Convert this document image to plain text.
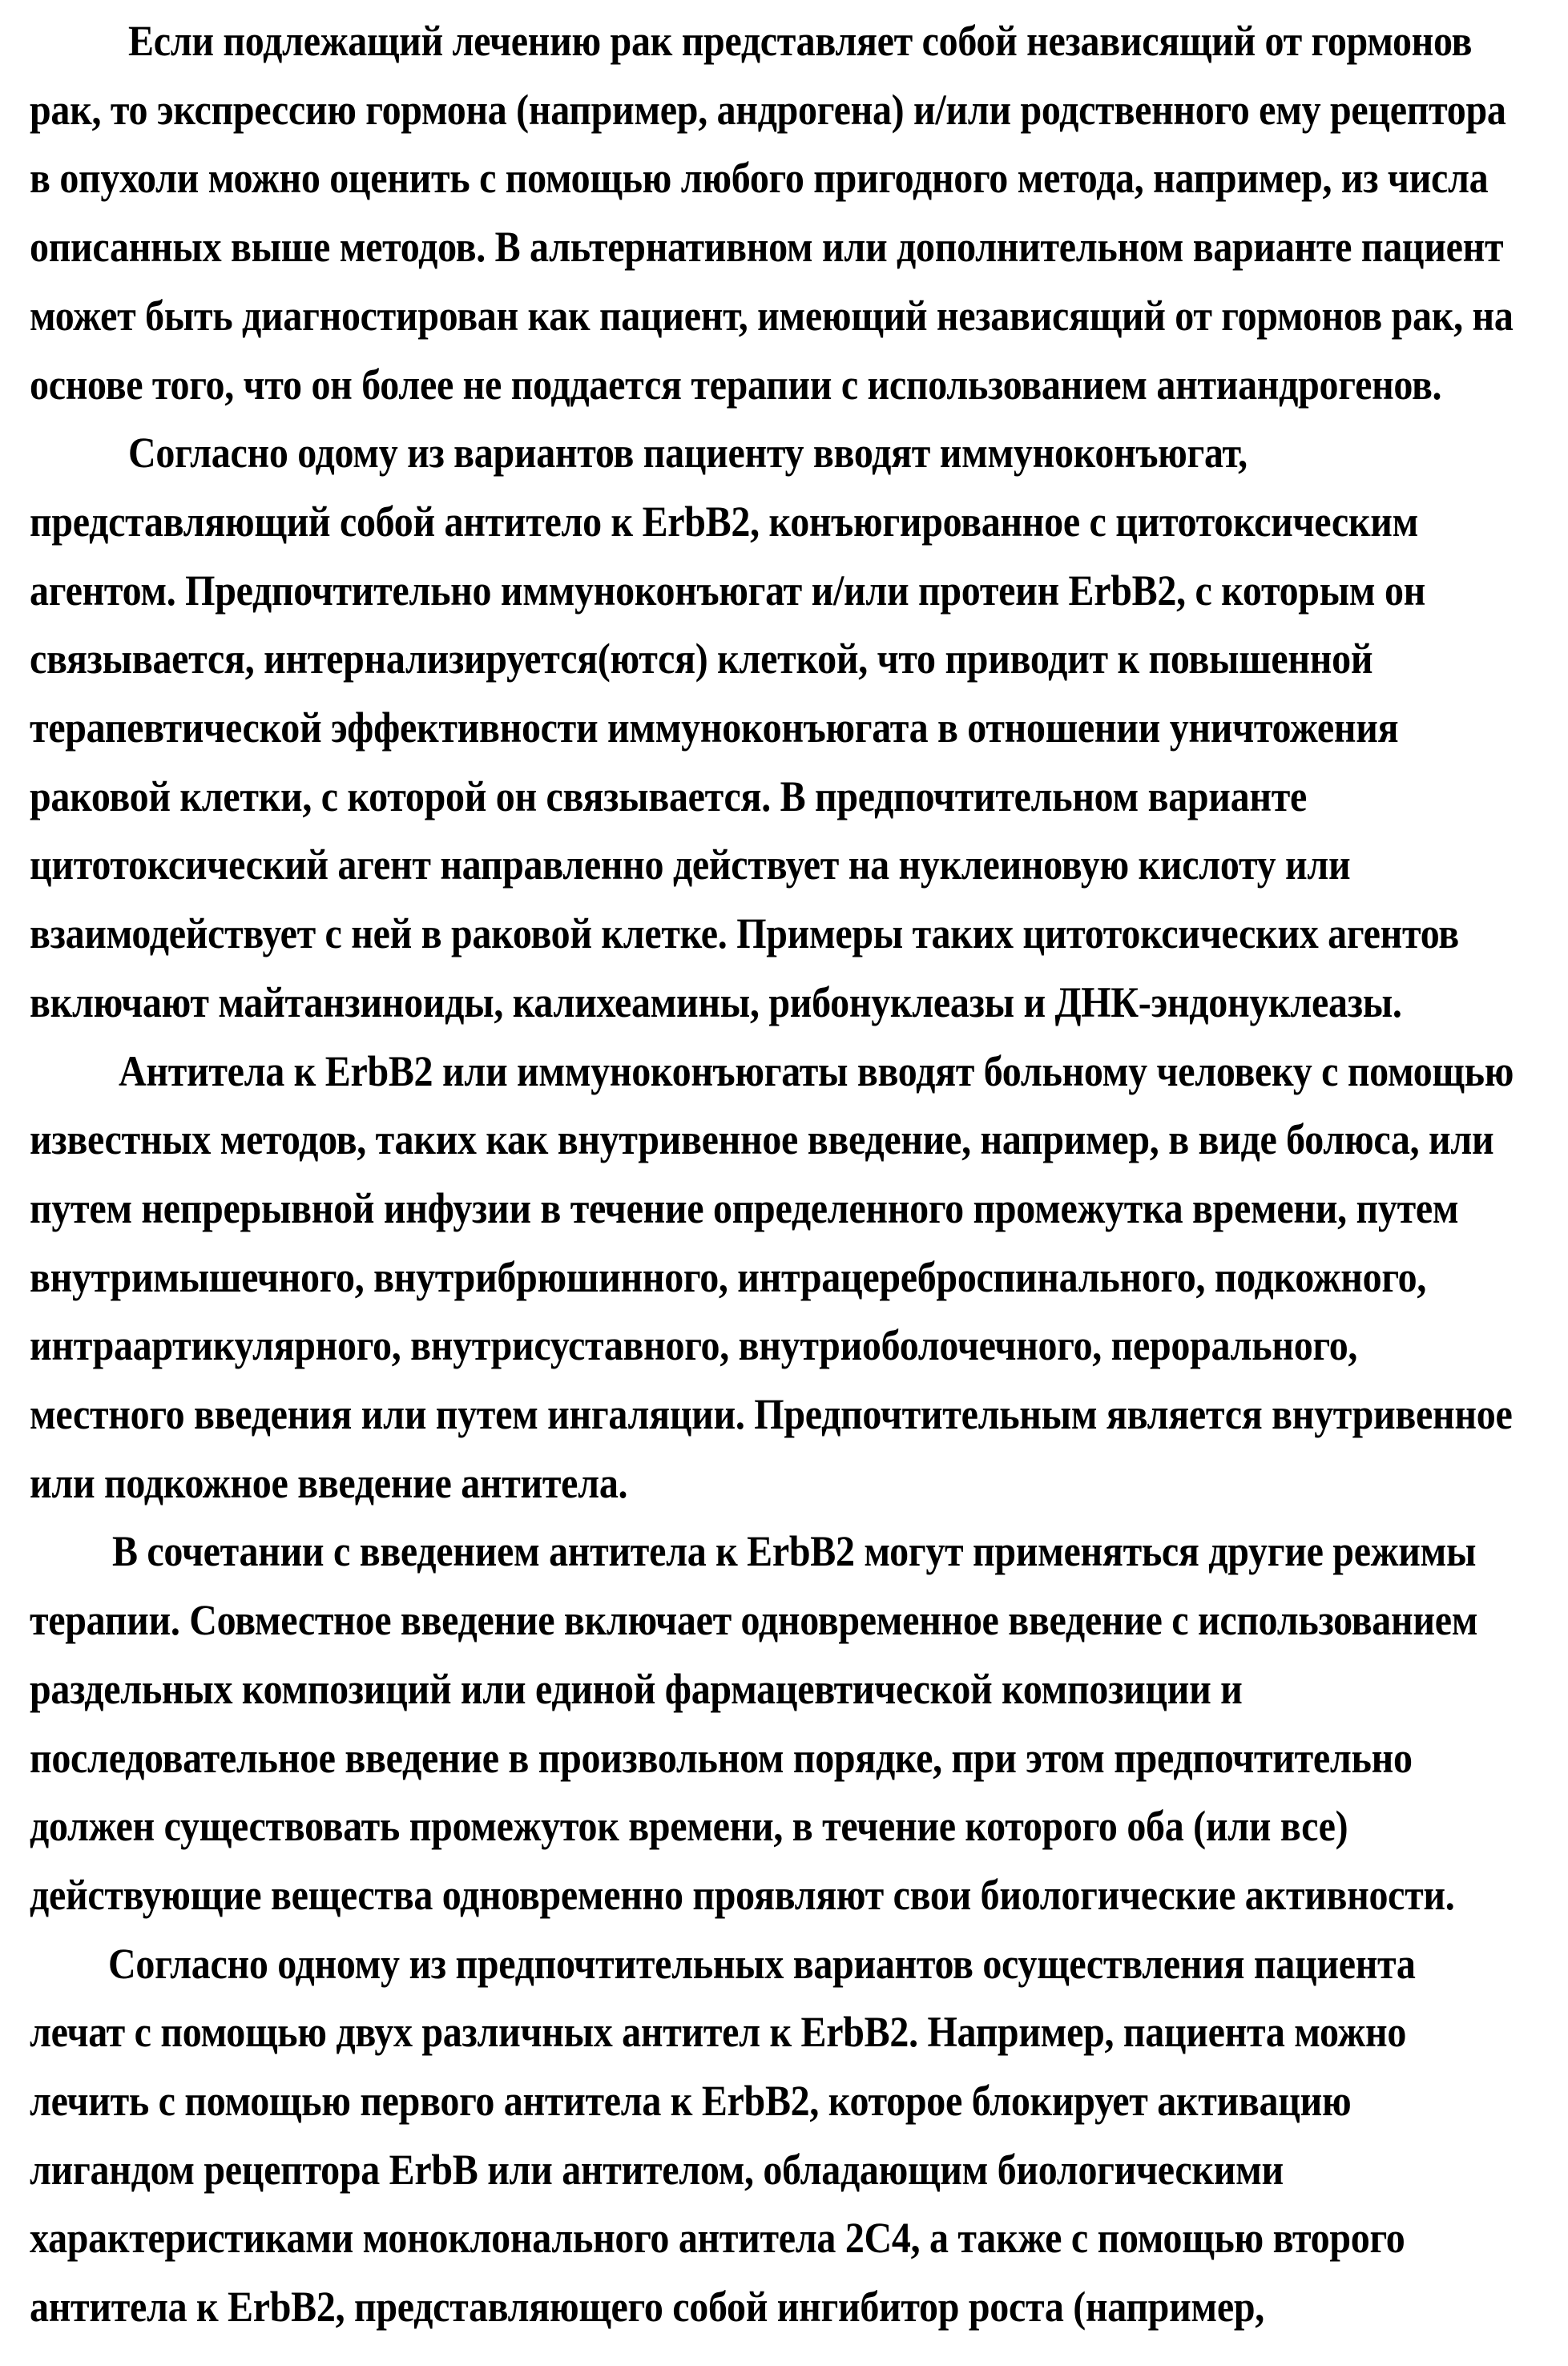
Если подлежащий лечению рак представляет собой независящий от гормонов
рак, то экспрессию гормона (например, андрогена) и/или родственного ему рецептора
в опухоли можно оценить с помощью любого пригодного метода, например, из числа
описанных выше методов. В альтернативном или дополнительном варианте пациент
может быть диагностирован как пациент, имеющий независящий от гормонов рак, на
основе того, что он более не поддается терапии с использованием антиандрогенов.
Согласно одому из вариантов пациенту вводят иммуноконъюгат,
представляющий собой антитело к ErbB2, конъюгированное с цитотоксическим
агентом. Предпочтительно иммуноконъюгат и/или протеин ErbB2, с которым он
связывается, интернализируется(ются) клеткой, что приводит к повышенной
терапевтической эффективности иммуноконъюгата в отношении уничтожения
раковой клетки, с которой он связывается. В предпочтительном варианте
цитотоксический агент направленно действует на нуклеиновую кислоту или
взаимодействует с ней в раковой клетке. Примеры таких цитотоксических агентов
включают майтанзиноиды, калихеамины, рибонуклеазы и ДНК-эндонуклеазы.
Антитела к ErbB2 или иммуноконъюгаты вводят больному человеку с помощью
известных методов, таких как внутривенное введение, например, в виде болюса, или
путем непрерывной инфузии в течение определенного промежутка времени, путем
внутримышечного, внутрибрюшинного, интрацереброспинального, подкожного,
интраартикулярного, внутрисуставного, внутриоболочечного, перорального,
местного введения или путем ингаляции. Предпочтительным является внутривенное
или подкожное введение антитела.
В сочетании с введением антитела к ErbB2 могут применяться другие режимы
терапии. Совместное введение включает одновременное введение с использованием
раздельных композиций или единой фармацевтической композиции и
последовательное введение в произвольном порядке, при этом предпочтительно
должен существовать промежуток времени, в течение которого оба (или все)
действующие вещества одновременно проявляют свои биологические активности.
Согласно одному из предпочтительных вариантов осуществления пациента
лечат с помощью двух различных антител к ErbB2. Например, пациента можно
лечить с помощью первого антитела к ErbB2, которое блокирует активацию
лигандом рецептора ErbB или антителом, обладающим биологическими
характеристиками моноклонального антитела 2C4, а также с помощью второго
антитела к ErbB2, представляющего собой ингибитор роста (например,
